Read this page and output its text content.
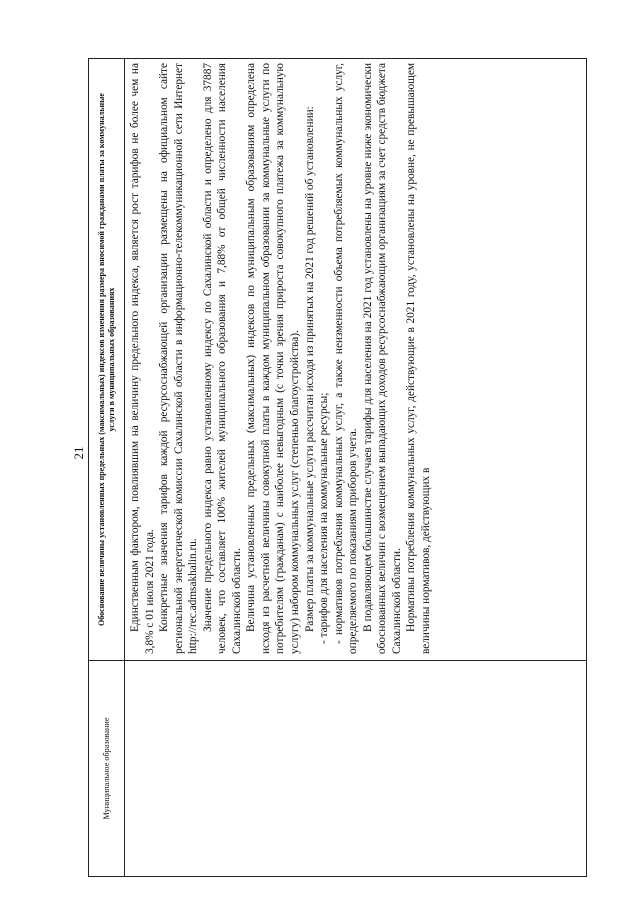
21
Муниципальное образование
Обоснование величины установленных предельных (максимальных) индексов изменения размера вносимой гражданами платы за коммунальные услуги в муниципальных образованиях	Единственным фактором, повлиявшим на величину предельного индекса, является рост тарифов не более чем на 3,8% с 01 июля 2021 года. Конкретные значения тарифов каждой ресурсоснабжающей организации размещены на официальном сайте региональной энергетической комиссии Сахалинской области в информационно-телекоммуникационной сети Интернет http://rec.admsakhalin.ru. Значение предельного индекса равно установленному индексу по Сахалинской области и определено для 37887 человек, что составляет 100% жителей муниципального образования и 7,88% от общей численности населения Сахалинской области. Величина установленных предельных (максимальных) индексов по муниципальным образованиям определена исходя из расчетной величины совокупной платы в каждом муниципальном образовании за коммунальные услуги по потребителям (гражданам) с наиболее невыгодным (с точки зрения прироста совокупного платежа за коммунальную услугу) набором коммунальных услуг (степенью благоустройства). Размер платы за коммунальные услуги рассчитан исходя из принятых на 2021 год решений об установлении: - тарифов для населения на коммунальные ресурсы; - нормативов потребления коммунальных услуг, а также неизменности объема потребляемых коммунальных услуг, определяемого по показаниям приборов учета. В подавляющем большинстве случаев тарифы для населения на 2021 год установлены на уровне ниже экономически обоснованных величин с возмещением выпадающих доходов ресурсоснабжающим организациям за счет средств бюджета Сахалинской области. Нормативы потребления коммунальных услуг, действующие в 2021 году, установлены на уровне, не превышающем величины нормативов, действующих в
